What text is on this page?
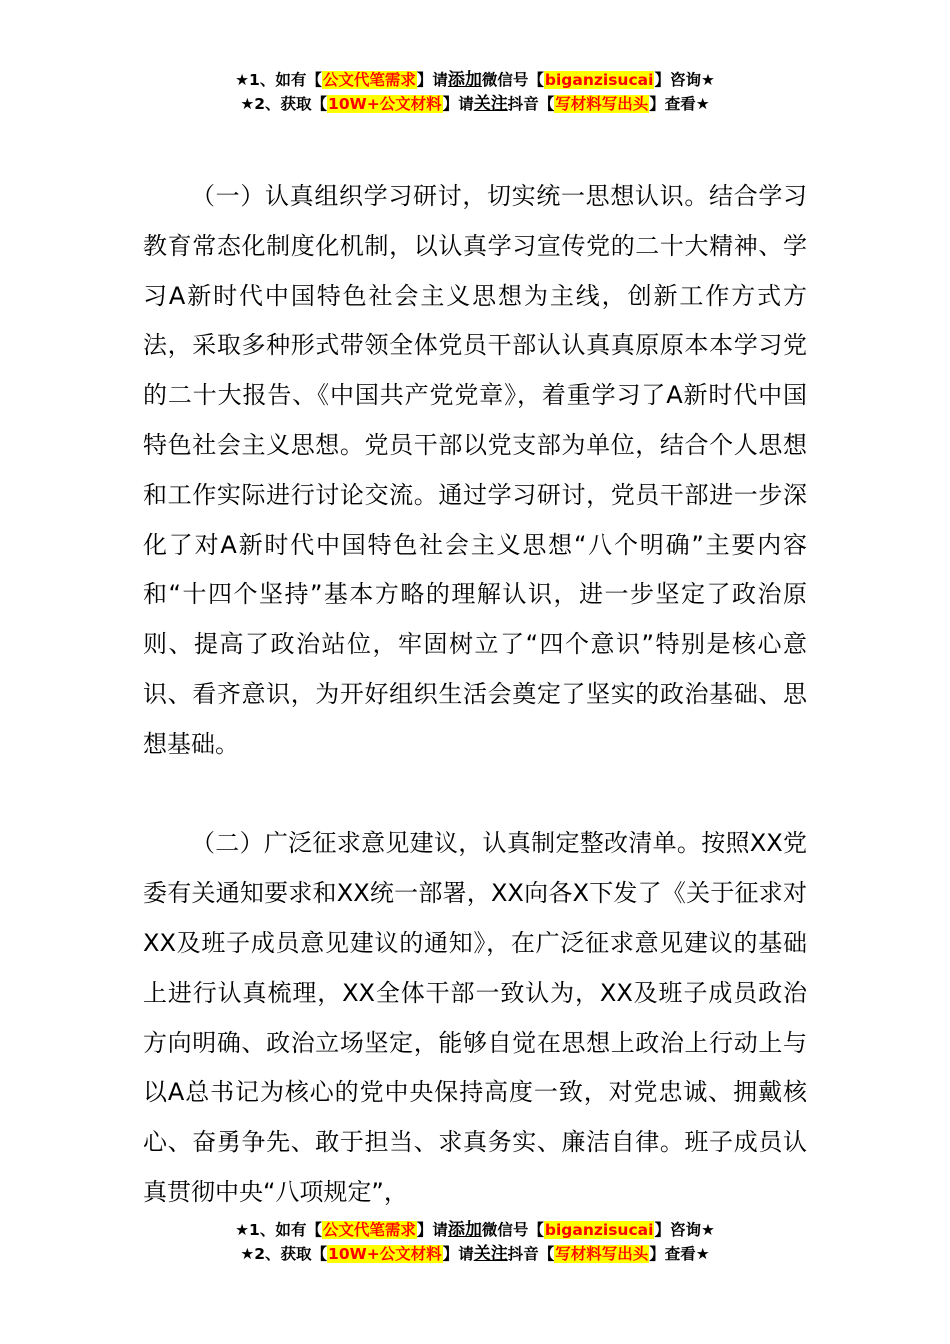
★1、如有【公文代笔需求】请添加微信号【biganzisucai】咨询★
★2、获取【10W+公文材料】请关注抖音【写材料写出头】查看★

（一）认真组织学习研讨，切实统一思想认识。结合学习教育常态化制度化机制，以认真学习宣传党的二十大精神、学习A新时代中国特色社会主义思想为主线，创新工作方式方法，采取多种形式带领全体党员干部认认真真原原本本学习党的二十大报告、《中国共产党党章》，着重学习了A新时代中国特色社会主义思想。党员干部以党支部为单位，结合个人思想和工作实际进行讨论交流。通过学习研讨，党员干部进一步深化了对A新时代中国特色社会主义思想“八个明确”主要内容和“十四个坚持”基本方略的理解认识，进一步坚定了政治原则、提高了政治站位，牢固树立了“四个意识”特别是核心意识、看齐意识，为开好组织生活会奠定了坚实的政治基础、思想基础。

（二）广泛征求意见建议，认真制定整改清单。按照XX党委有关通知要求和XX统一部署，XX向各X下发了《关于征求对XX及班子成员意见建议的通知》，在广泛征求意见建议的基础上进行认真梳理，XX全体干部一致认为，XX及班子成员政治方向明确、政治立场坚定，能够自觉在思想上政治上行动上与以A总书记为核心的党中央保持高度一致，对党忠诚、拥戴核心、奋勇争先、敢于担当、求真务实、廉洁自律。班子成员认真贯彻中央“八项规定”，

★1、如有【公文代笔需求】请添加微信号【biganzisucai】咨询★
★2、获取【10W+公文材料】请关注抖音【写材料写出头】查看★
